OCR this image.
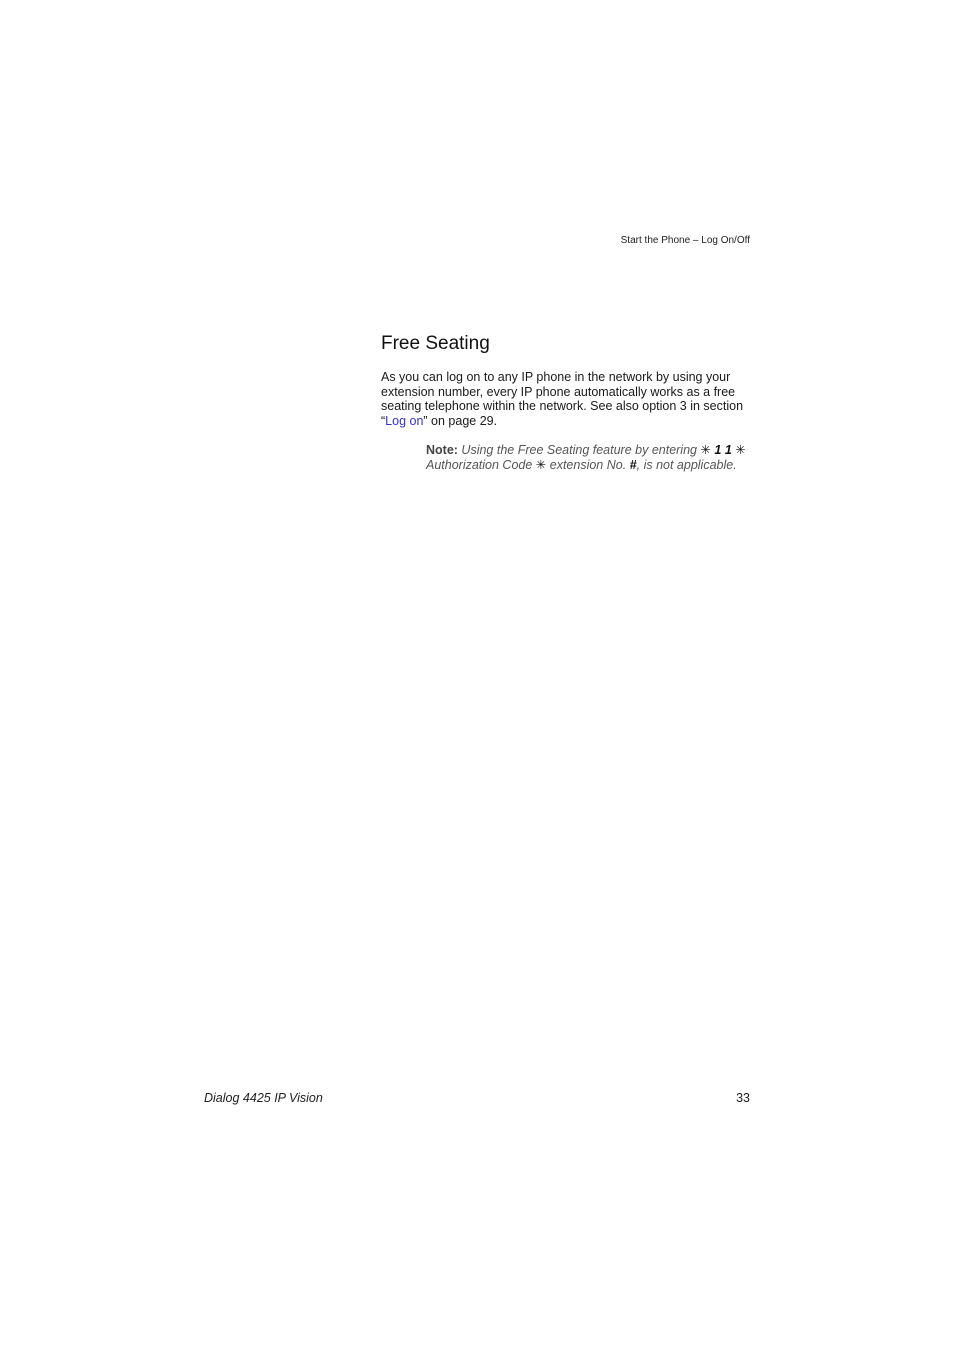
Start the Phone – Log On/Off
Free Seating

As you can log on to any IP phone in the network by using your extension number, every IP phone automatically works as a free seating telephone within the network. See also option 3 in section “Log on” on page 29.

Note: Using the Free Seating feature by entering ✳ 1 1 ✳ Authorization Code ✳ extension No. #, is not applicable.

Dialog 4425 IP Vision	33
